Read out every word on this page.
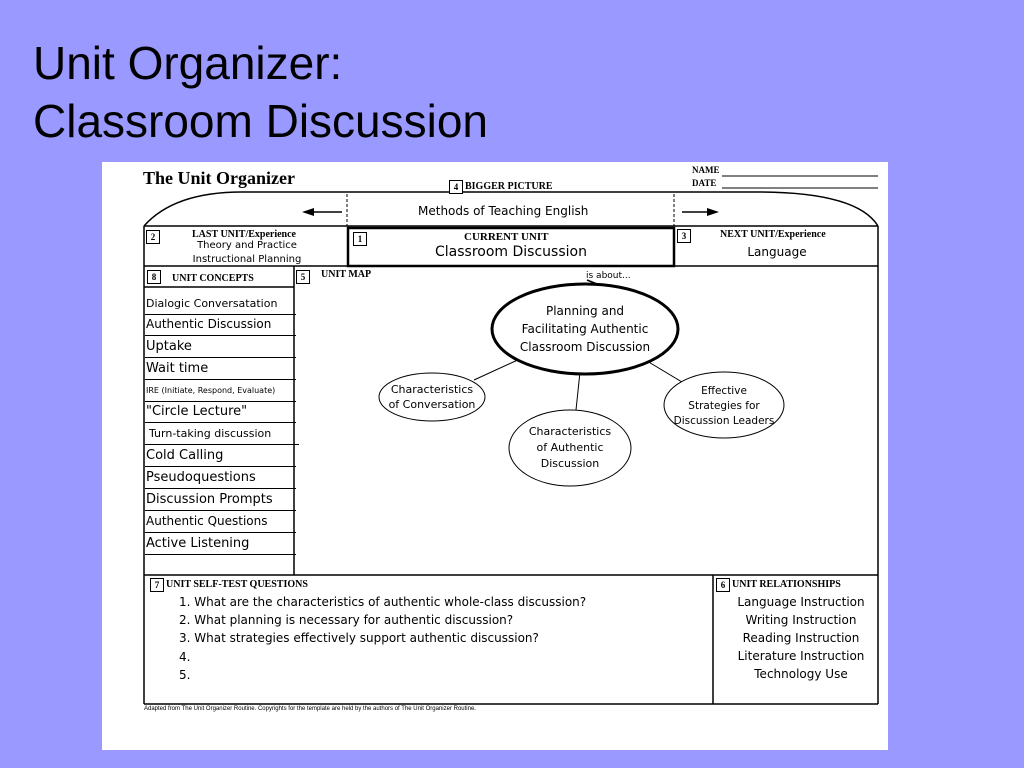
Unit Organizer:
Classroom Discussion
The Unit Organizer	NAME
DATE
4 BIGGER PICTURE
Methods of Teaching English
2	LAST UNIT/Experience
Theory and Practice
Instructional Planning
1	CURRENT UNIT
Classroom Discussion
3	NEXT UNIT/Experience
Language
8	UNIT CONCEPTS
Dialogic Conversatation
Authentic Discussion
Uptake
Wait time
IRE (Initiate, Respond, Evaluate)
"Circle Lecture"
Turn-taking discussion
Cold Calling
Pseudoquestions
Discussion Prompts
Authentic Questions
Active Listening
5	UNIT MAP	is about...
Planning and
Facilitating Authentic
Classroom Discussion
Characteristics
of Conversation
Characteristics
of Authentic
Discussion
Effective
Strategies for
Discussion Leaders
7 UNIT SELF-TEST QUESTIONS
1. What are the characteristics of authentic whole-class discussion?
2. What planning is necessary for authentic discussion?
3. What strategies effectively support authentic discussion?
4.
5.
6 UNIT RELATIONSHIPS
Language Instruction
Writing Instruction
Reading Instruction
Literature Instruction
Technology Use
Adapted from The Unit Organizer Routine. Copyrights for the template are held by the authors of The Unit Organizer Routine.
